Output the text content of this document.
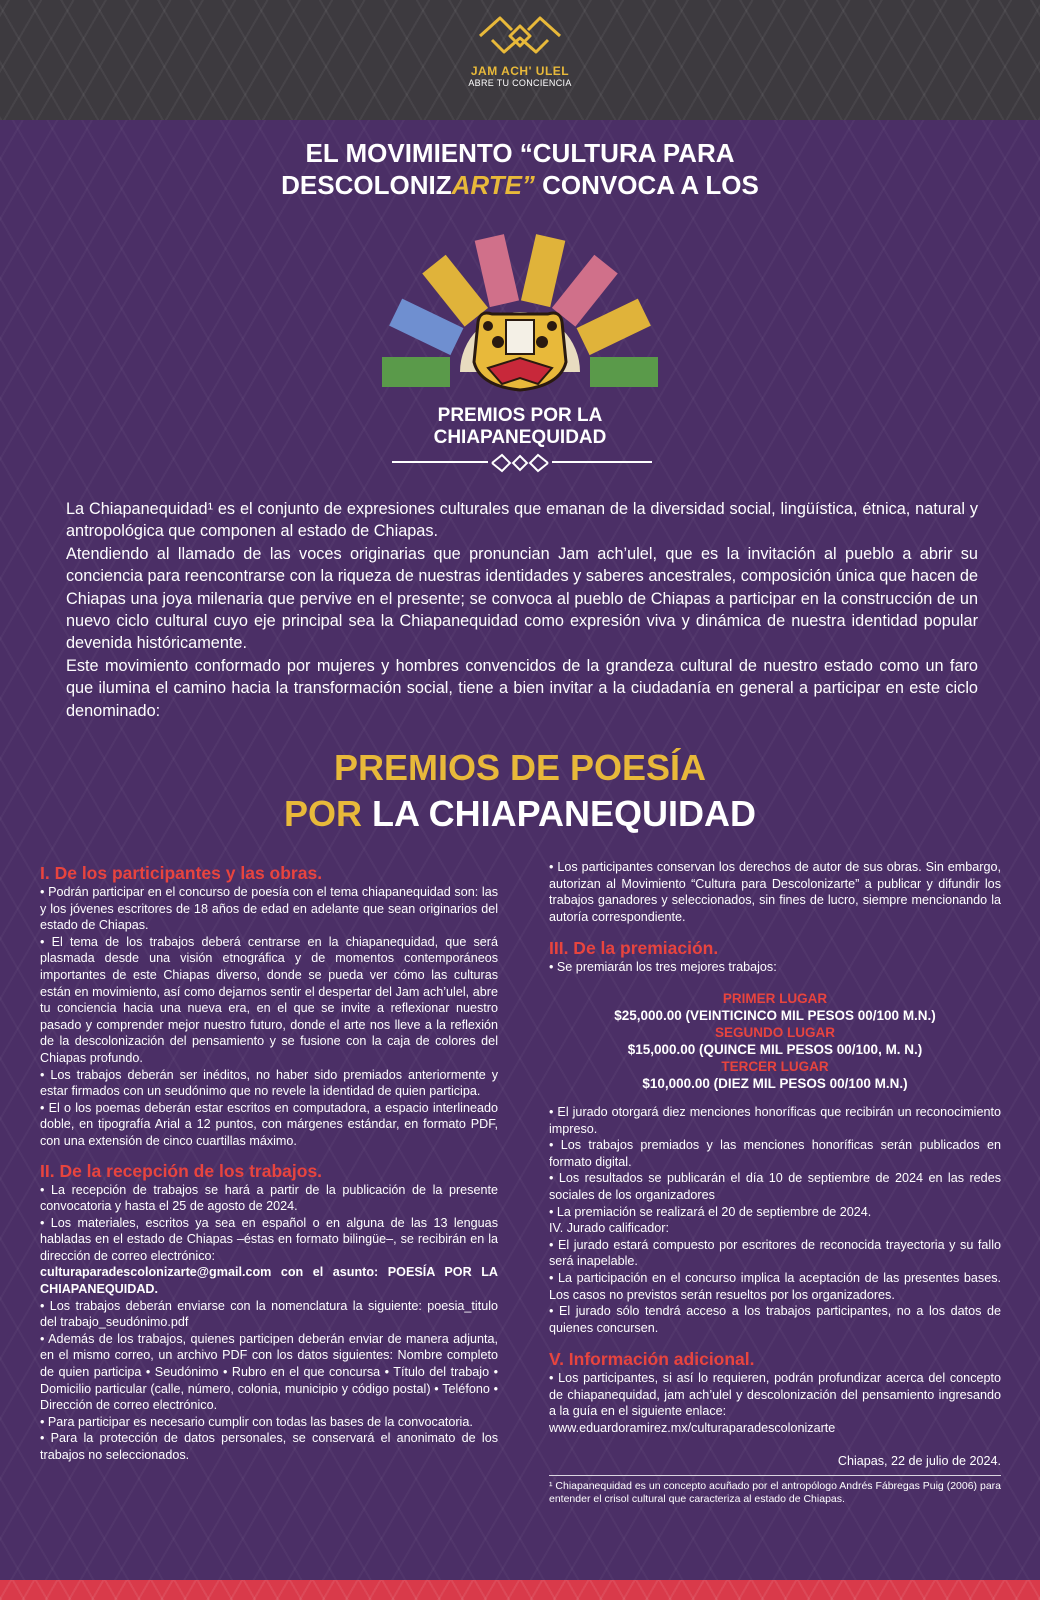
JAM ACH' ULEL
ABRE TU CONCIENCIA
EL MOVIMIENTO “CULTURA PARA
DESCOLONIZARTE” CONVOCA A LOS
PREMIOS POR LA
CHIAPANEQUIDAD

La Chiapanequidad¹ es el conjunto de expresiones culturales que emanan de la diversidad social, lingüística, étnica, natural y antropológica que componen al estado de Chiapas.

Atendiendo al llamado de las voces originarias que pronuncian Jam ach’ulel, que es la invitación al pueblo a abrir su conciencia para reencontrarse con la riqueza de nuestras identidades y saberes ancestrales, composición única que hacen de Chiapas una joya milenaria que pervive en el presente; se convoca al pueblo de Chiapas a participar en la construcción de un nuevo ciclo cultural cuyo eje principal sea la Chiapanequidad como expresión viva y dinámica de nuestra identidad popular devenida históricamente.

Este movimiento conformado por mujeres y hombres convencidos de la grandeza cultural de nuestro estado como un faro que ilumina el camino hacia la transformación social, tiene a bien invitar a la ciudadanía en general a participar en este ciclo denominado:

PREMIOS DE POESÍA
POR LA CHIAPANEQUIDAD
I. De los participantes y las obras.

• Podrán participar en el concurso de poesía con el tema chiapanequidad son: las y los jóvenes escritores de 18 años de edad en adelante que sean originarios del estado de Chiapas.

• El tema de los trabajos deberá centrarse en la chiapanequidad, que será plasmada desde una visión etnográfica y de momentos contemporáneos importantes de este Chiapas diverso, donde se pueda ver cómo las culturas están en movimiento, así como dejarnos sentir el despertar del Jam ach’ulel, abre tu conciencia hacia una nueva era, en el que se invite a reflexionar nuestro pasado y comprender mejor nuestro futuro, donde el arte nos lleve a la reflexión de la descolonización del pensamiento y se fusione con la caja de colores del Chiapas profundo.

• Los trabajos deberán ser inéditos, no haber sido premiados anteriormente y estar firmados con un seudónimo que no revele la identidad de quien participa.

• El o los poemas deberán estar escritos en computadora, a espacio interlineado doble, en tipografía Arial a 12 puntos, con márgenes estándar, en formato PDF, con una extensión de cinco cuartillas máximo.

II. De la recepción de los trabajos.

• La recepción de trabajos se hará a partir de la publicación de la presente convocatoria y hasta el 25 de agosto de 2024.

• Los materiales, escritos ya sea en español o en alguna de las 13 lenguas habladas en el estado de Chiapas –éstas en formato bilingüe–, se recibirán en la dirección de correo electrónico:

culturaparadescolonizarte@gmail.com con el asunto: POESÍA POR LA CHIAPANEQUIDAD.

• Los trabajos deberán enviarse con la nomenclatura la siguiente: poesia_titulo del trabajo_seudónimo.pdf

• Además de los trabajos, quienes participen deberán enviar de manera adjunta, en el mismo correo, un archivo PDF con los datos siguientes: Nombre completo de quien participa • Seudónimo • Rubro en el que concursa • Título del trabajo • Domicilio particular (calle, número, colonia, municipio y código postal) • Teléfono • Dirección de correo electrónico.

• Para participar es necesario cumplir con todas las bases de la convocatoria.

• Para la protección de datos personales, se conservará el anonimato de los trabajos no seleccionados.

• Los participantes conservan los derechos de autor de sus obras. Sin embargo, autorizan al Movimiento “Cultura para Descolonizarte” a publicar y difundir los trabajos ganadores y seleccionados, sin fines de lucro, siempre mencionando la autoría correspondiente.

III. De la premiación.

• Se premiarán los tres mejores trabajos:

PRIMER LUGAR
$25,000.00 (VEINTICINCO MIL PESOS 00/100 M.N.)
SEGUNDO LUGAR
$15,000.00 (QUINCE MIL PESOS 00/100, M. N.)
TERCER LUGAR
$10,000.00 (DIEZ MIL PESOS 00/100 M.N.)

• El jurado otorgará diez menciones honoríficas que recibirán un reconocimiento impreso.

• Los trabajos premiados y las menciones honoríficas serán publicados en formato digital.

• Los resultados se publicarán el día 10 de septiembre de 2024 en las redes sociales de los organizadores

• La premiación se realizará el 20 de septiembre de 2024.

IV. Jurado calificador:

• El jurado estará compuesto por escritores de reconocida trayectoria y su fallo será inapelable.

• La participación en el concurso implica la aceptación de las presentes bases. Los casos no previstos serán resueltos por los organizadores.

• El jurado sólo tendrá acceso a los trabajos participantes, no a los datos de quienes concursen.

V. Información adicional.

• Los participantes, si así lo requieren, podrán profundizar acerca del concepto de chiapanequidad, jam ach’ulel y descolonización del pensamiento ingresando a la guía en el siguiente enlace:

www.eduardoramirez.mx/culturaparadescolonizarte

Chiapas, 22 de julio de 2024.

¹ Chiapanequidad es un concepto acuñado por el antropólogo Andrés Fábregas Puig (2006) para entender el crisol cultural que caracteriza al estado de Chiapas.
